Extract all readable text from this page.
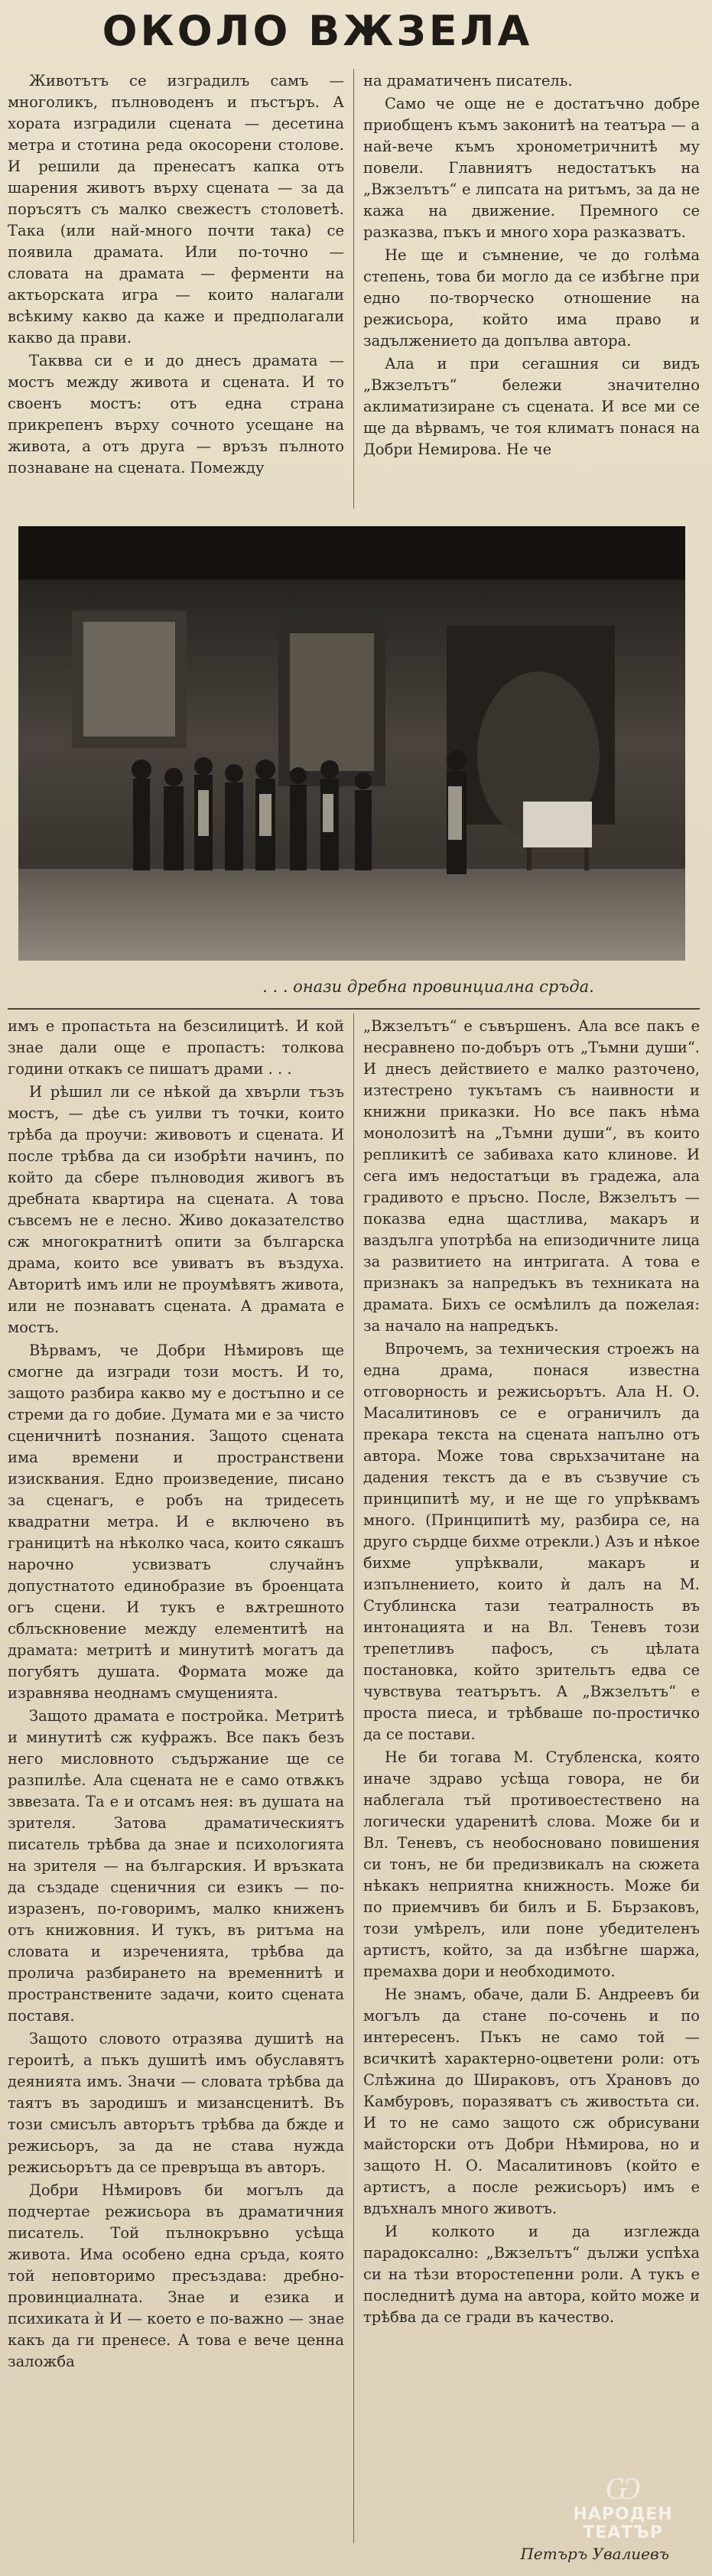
ОКОЛО ВЖЗЕЛА

Животътъ се изградилъ самъ — многоликъ, пълноводенъ и пъстъръ. А хората изградили сцената — десетина метра и стотина реда окосорени столове. И решили да пренесатъ капка отъ шарения животъ върху сцената — за да поръсятъ съ малко свежестъ столоветѣ. Така (или най-много почти така) се появила драмата. Или по-точно — словата на драмата — ферменти на актьорската игра — които налагали всѣкиму какво да каже и предполагали какво да прави.

Таквва си е и до днесъ драмата — мостъ между живота и сцената. И то своенъ мостъ: отъ една страна прикрепенъ върху сочното усещане на живота, а отъ друга — връзъ пълното познаване на сцената. Помежду

на драматиченъ писатель.

Само че още не е достатъчно добре приобщенъ къмъ законитѣ на театъра — а най-вече къмъ хронометричнитѣ му повели. Главниятъ недостатъкъ на „Вжзелътъ“ е липсата на ритъмъ, за да не кажа на движение. Премного се разказва, пъкъ и много хора разказватъ.

Не ще и съмнение, че до голѣма степень, това би могло да се избѣгне при едно по-творческо отношение на режисьора, който има право и задължението да допълва автора.

Ала и при сегашния си видъ „Вжзелътъ“ бележи значително аклиматизиране съ сцената. И все ми се ще да вѣрвамъ, че тоя климатъ понася на Добри Немирова. Не че

. . . онази дребна провинциална сръда.

имъ е пропастьта на безсилицитѣ. И кой знае дали още е пропастъ: толкова години откакъ се пишатъ драми . . .

И рѣшил ли се нѣкой да хвърли тъзъ мостъ, — дѣе съ уилви тъ точки, които трѣба да проучи: живовотъ и сцената. И после трѣбва да си изобрѣти начинъ, по който да сбере пълноводия живогъ въ дребната квартира на сцената. А това съвсемъ не е лесно. Живо доказателство сж многократнитѣ опити за българска драма, които все увиватъ въ въздуха. Авторитѣ имъ или не проумѣвятъ живота, или не познаватъ сцената. А драмата е мостъ.

Вѣрвамъ, че Добри Нѣмировъ ще смогне да изгради този мостъ. И то, защото разбира какво му е достъпно и се стреми да го добие. Думата ми е за чисто сценичнитѣ познания. Защото сцената има времени и пространствени изисквания. Едно произведение, писано за сценагъ, е робъ на тридесеть квадратни метра. И е включено въ границитѣ на нѣколко часа, които сякашъ нарочно усвизватъ случайнъ допустнатото единобразие въ броенцата огъ сцени. И тукъ е вѫтрешното сблъскновение между елементитѣ на драмата: метритѣ и минутитѣ могатъ да погубятъ душата. Формата може да изравнява неоднамъ смущенията.

Защото драмата е постройка. Метритѣ и минутитѣ сж куфражъ. Все пакъ безъ него мисловното съдържание ще се разпилѣе. Ала сцената не е само отвѫкъ зввезата. Та е и отсамъ нея: въ душата на зрителя. Затова драматическиятъ писатель трѣбва да знае и психологията на зрителя — на българския. И връзката да създаде сценичния си езикъ — по-изразенъ, по-говоримъ, малко книженъ отъ книжовния. И тукъ, въ ритъма на словата и изреченията, трѣбва да пролича разбирането на временнитѣ и пространствените задачи, които сцената поставя.

Защото словото отразява душитѣ на героитѣ, а пъкъ душитѣ имъ обуславятъ деянията имъ. Значи — словата трѣбва да таятъ въ зародишъ и мизансценитѣ. Въ този смисълъ авторътъ трѣбва да бжде и режисьоръ, за да не става нужда режисьорътъ да се превръща въ авторъ.

Добри Нѣмировъ би могълъ да подчертае режисьора въ драматичния писатель. Той пълнокръвно усѣща живота. Има особено една сръда, която той неповторимо пресъздава: дребно-провинциалната. Знае и езика и психиката ѝ И — което е по-важно — знае какъ да ги пренесе. А това е вече ценна заложба

„Вжзелътъ“ е съвършенъ. Ала все пакъ е несравнено по-добъръ отъ „Тъмни души“. И днесъ действието е малко разточено, изтестрено тукътамъ съ наивности и книжни приказки. Но все пакъ нѣма монолозитѣ на „Тъмни души“, въ които репликитѣ се забиваха като клинове. И сега имъ недостатъци въ градежа, ала градивото е пръсно. После, Вжзелътъ — показва една щастлива, макаръ и ваздълга употрѣба на епизодичните лица за развитието на интригата. А това е признакъ за напредъкъ въ техниката на драмата. Бихъ се осмѣлилъ да пожелая: за начало на напредъкъ.

Впрочемъ, за техническия строежъ на една драма, понася известна отговорность и режисьорътъ. Ала Н. О. Масалитиновъ се е ограничилъ да прекара текста на сцената напълно отъ автора. Може това сврьхзачитане на дадения текстъ да е въ съзвучие съ принципитѣ му, и не ще го упрѣквамъ много. (Принципитѣ му, разбира се, на друго сърдце бихме отрекли.) Азъ и нѣкое бихме упрѣквали, макаръ и изпълнението, които ѝ далъ на М. Стублинска тази театралность въ интонацията и на Вл. Теневъ този трепетливъ пафосъ, съ цѣлата постановка, който зрительтъ едва се чувствува театърътъ. А „Вжзелътъ“ е проста пиеса, и трѣбваше по-простичко да се постави.

Не би тогава М. Стубленска, която иначе здраво усѣща говора, не би наблегала тъй противоестествено на логически ударенитѣ слова. Може би и Вл. Теневъ, съ необосновано повишения си тонъ, не би предизвикалъ на сюжета нѣкакъ неприятна книжность. Може би по приемчивъ би билъ и Б. Бързаковъ, този умѣрелъ, или поне убедителенъ артистъ, който, за да избѣгне шаржа, премахва дори и необходимото.

Не знамъ, обаче, дали Б. Андреевъ би могълъ да стане по-сочень и по интересенъ. Пъкъ не само той — всичкитѣ характерно-оцветени роли: отъ Слѣжина до Шираковъ, отъ Храновъ до Камбуровъ, поразяватъ съ живостьта си. И то не само защото сж обрисувани майсторски отъ Добри Нѣмирова, но и защото Н. О. Масалитиновъ (който е артистъ, а после режисьоръ) имъ е вдъхналъ много животъ.

И колкото и да изглежда парадоксално: „Вжзелътъ“ дължи успѣха си на тѣзи второстепенни роли. А тукъ е последнитѣ дума на автора, който може и трѣбва да се гради въ качество.

Ѡ
НАРОДЕН
ТЕАТЪР
Петъръ Увалиевъ
